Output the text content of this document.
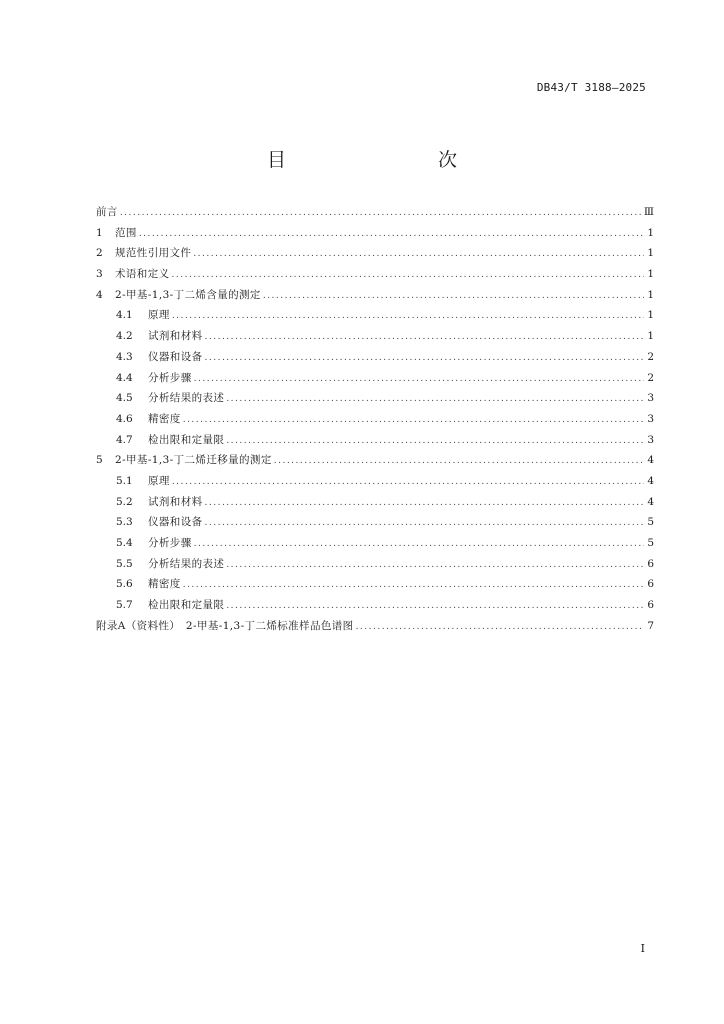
DB43/T 3188—2025
目　　次
前言 .....	Ⅲ
1	范围 .....	1
2	规范性引用文件 .....	1
3	术语和定义 .....	1
4	2-甲基-1,3-丁二烯含量的测定 .....	1
4.1	原理 .....	1
4.2	试剂和材料 .....	1
4.3	仪器和设备 .....	2
4.4	分析步骤 .....	2
4.5	分析结果的表述 .....	3
4.6	精密度 .....	3
4.7	检出限和定量限 .....	3
5	2-甲基-1,3-丁二烯迁移量的测定 .....	4
5.1	原理 .....	4
5.2	试剂和材料 .....	4
5.3	仪器和设备 .....	5
5.4	分析步骤 .....	5
5.5	分析结果的表述 .....	6
5.6	精密度 .....	6
5.7	检出限和定量限 .....	6
附录A（资料性）　2-甲基-1,3-丁二烯标准样品色谱图 .....	7
I
